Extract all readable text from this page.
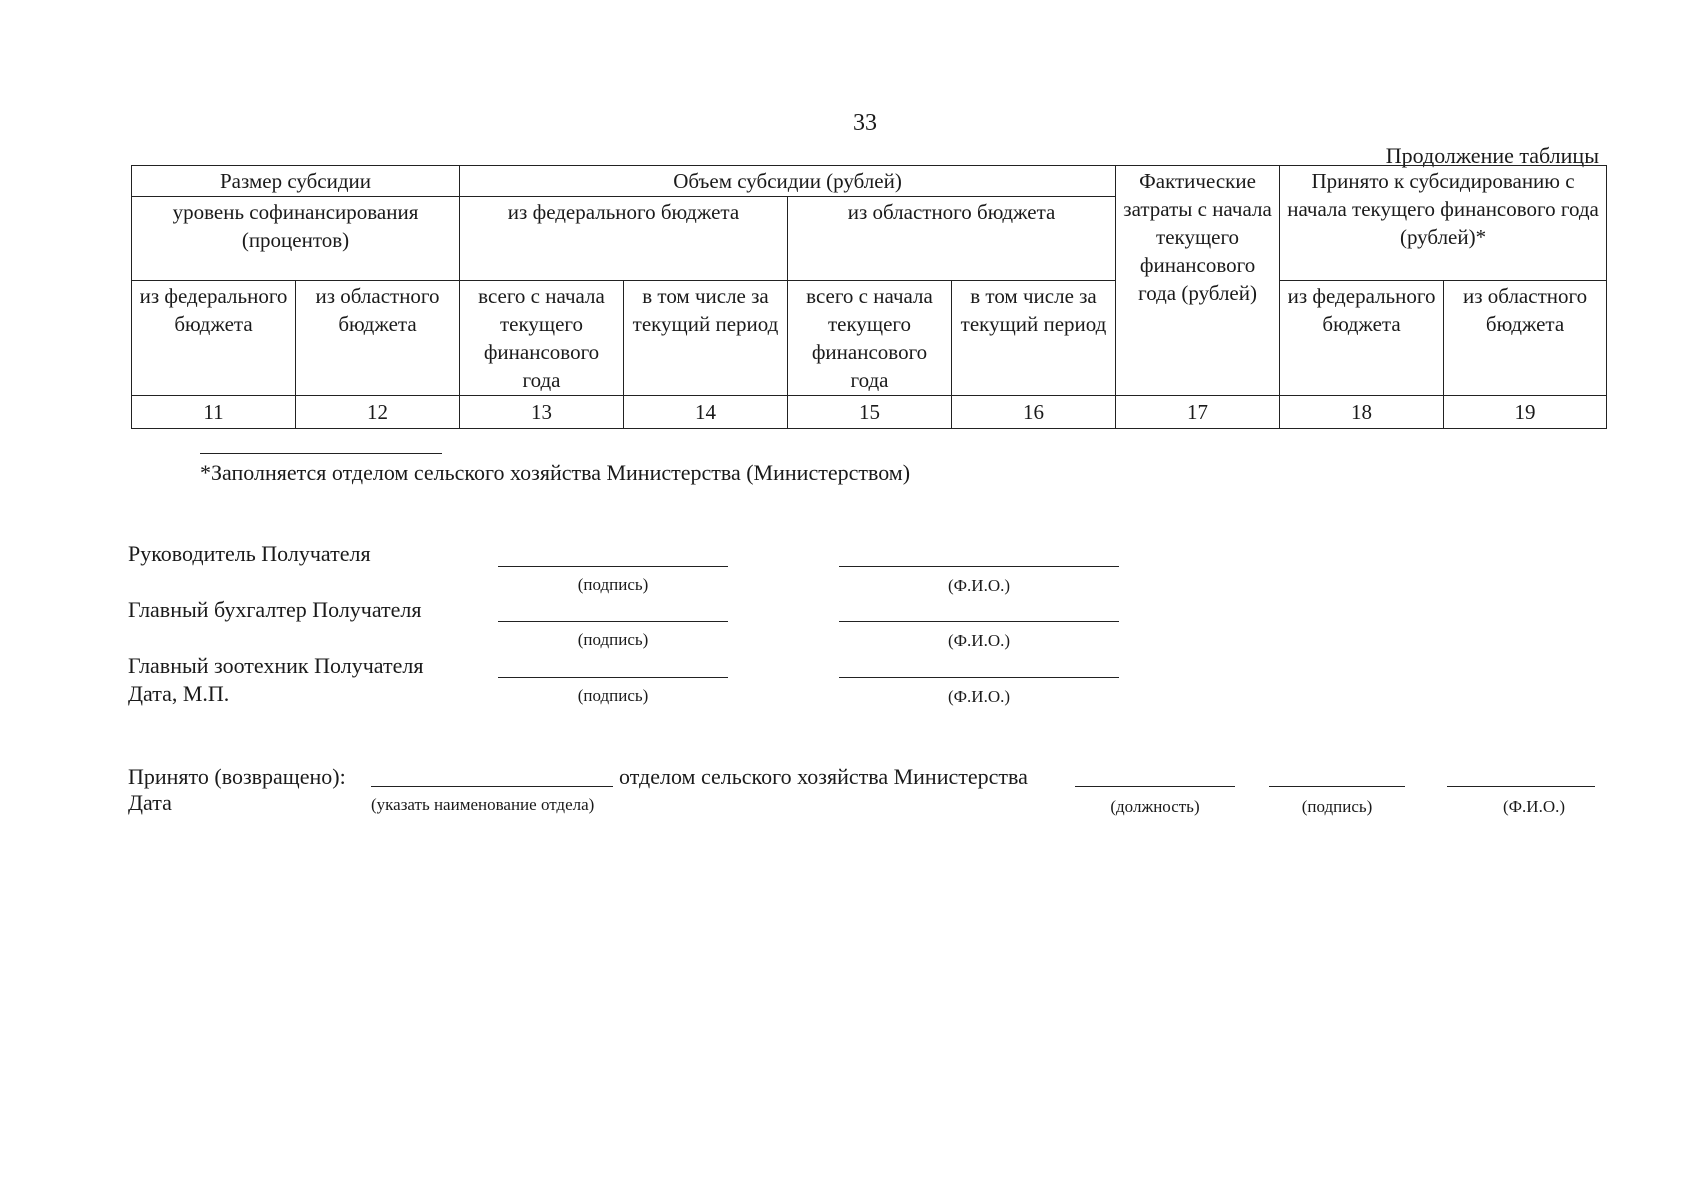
33
Продолжение таблицы
Размер субсидии		Объем субсидии (рублей)				Фактические затраты с начала текущего финансового года (рублей)	Принято к субсидированию с начала текущего финансового года (рублей)*	
уровень софинансирования (процентов)		из федерального бюджета		из областного бюджета				
из федерального бюджета	из областного бюджета	всего с начала текущего финансового года	в том числе за текущий период	всего с начала текущего финансового года	в том числе за текущий период		из федерального бюджета	из областного бюджета
11	12	13	14	15	16	17	18	19
*Заполняется отделом сельского хозяйства Министерства (Министерством)
Руководитель Получателя
(подпись)	(Ф.И.О.)
Главный бухгалтер Получателя
(подпись)	(Ф.И.О.)
Главный зоотехник Получателя
Дата, М.П.	(подпись)	(Ф.И.О.)
Принято (возвращено):	отделом сельского хозяйства Министерства
Дата	(указать наименование отдела)	(должность)	(подпись)	(Ф.И.О.)
